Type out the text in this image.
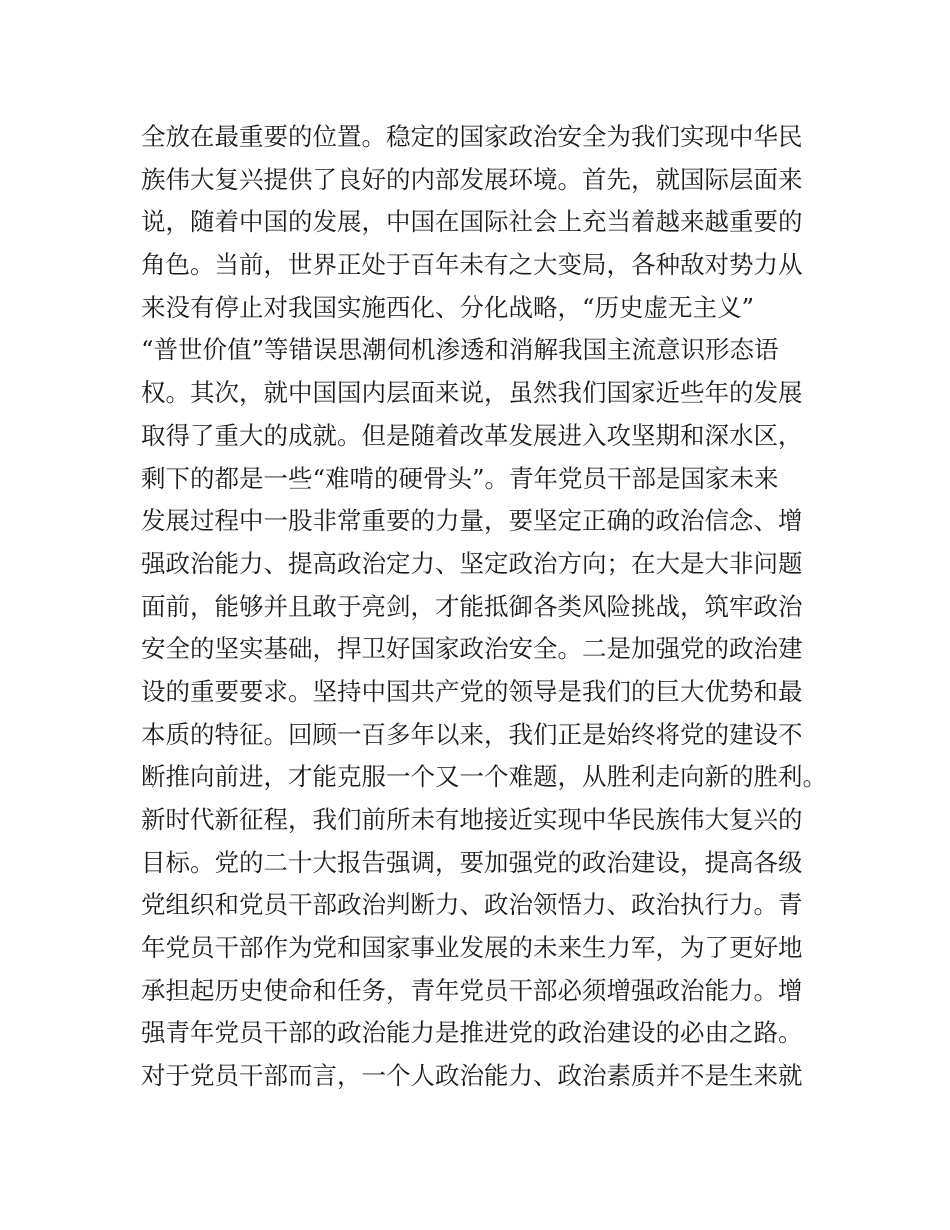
全放在最重要的位置。稳定的国家政治安全为我们实现中华民
族伟大复兴提供了良好的内部发展环境。首先，就国际层面来
说，随着中国的发展，中国在国际社会上充当着越来越重要的
角色。当前，世界正处于百年未有之大变局，各种敌对势力从
来没有停止对我国实施西化、分化战略，“历史虚无主义”
“普世价值”等错误思潮伺机渗透和消解我国主流意识形态语
权。其次，就中国国内层面来说，虽然我们国家近些年的发展
取得了重大的成就。但是随着改革发展进入攻坚期和深水区，
剩下的都是一些“难啃的硬骨头”。青年党员干部是国家未来
发展过程中一股非常重要的力量，要坚定正确的政治信念、增
强政治能力、提高政治定力、坚定政治方向；在大是大非问题
面前，能够并且敢于亮剑，才能抵御各类风险挑战，筑牢政治
安全的坚实基础，捍卫好国家政治安全。二是加强党的政治建
设的重要要求。坚持中国共产党的领导是我们的巨大优势和最
本质的特征。回顾一百多年以来，我们正是始终将党的建设不
断推向前进，才能克服一个又一个难题，从胜利走向新的胜利。
新时代新征程，我们前所未有地接近实现中华民族伟大复兴的
目标。党的二十大报告强调，要加强党的政治建设，提高各级
党组织和党员干部政治判断力、政治领悟力、政治执行力。青
年党员干部作为党和国家事业发展的未来生力军，为了更好地
承担起历史使命和任务，青年党员干部必须增强政治能力。增
强青年党员干部的政治能力是推进党的政治建设的必由之路。
对于党员干部而言，一个人政治能力、政治素质并不是生来就
